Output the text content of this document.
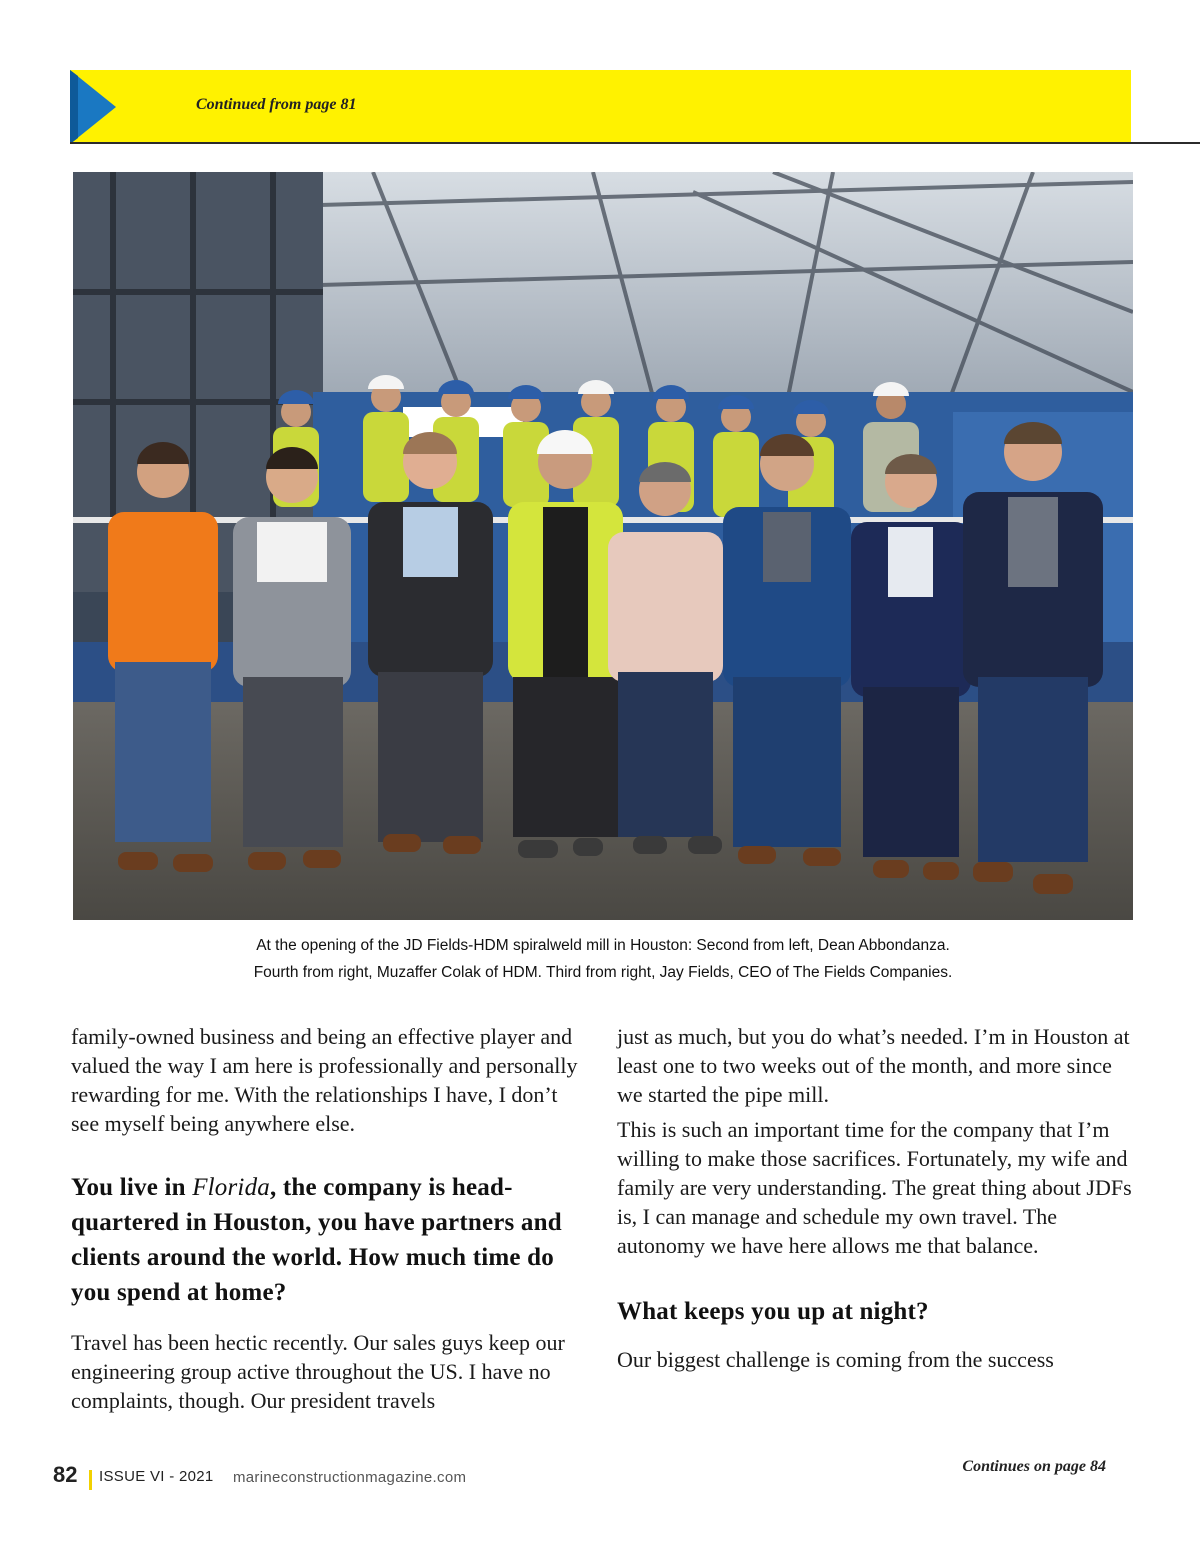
Continued from page 81
At the opening of the JD Fields-HDM spiralweld mill in Houston: Second from left, Dean Abbondanza.
Fourth from right, Muzaffer Colak of HDM. Third from right, Jay Fields, CEO of The Fields Companies.

family-owned business and being an effective player and valued the way I am here is professionally and personally rewarding for me. With the relationships I have, I don’t see myself being anywhere else.

You live in Florida, the company is headquartered in Houston, you have partners and clients around the world. How much time do you spend at home?

Travel has been hectic recently. Our sales guys keep our engineering group active throughout the US. I have no complaints, though. Our president travels

just as much, but you do what’s needed. I’m in Houston at least one to two weeks out of the month, and more since we started the pipe mill.

This is such an important time for the company that I’m willing to make those sacrifices. Fortunately, my wife and family are very understanding. The great thing about JDFs is, I can manage and schedule my own travel. The autonomy we have here allows me that balance.

What keeps you up at night?

Our biggest challenge is coming from the success

Continues on page 84
82 ISSUE VI - 2021 marineconstructionmagazine.com
